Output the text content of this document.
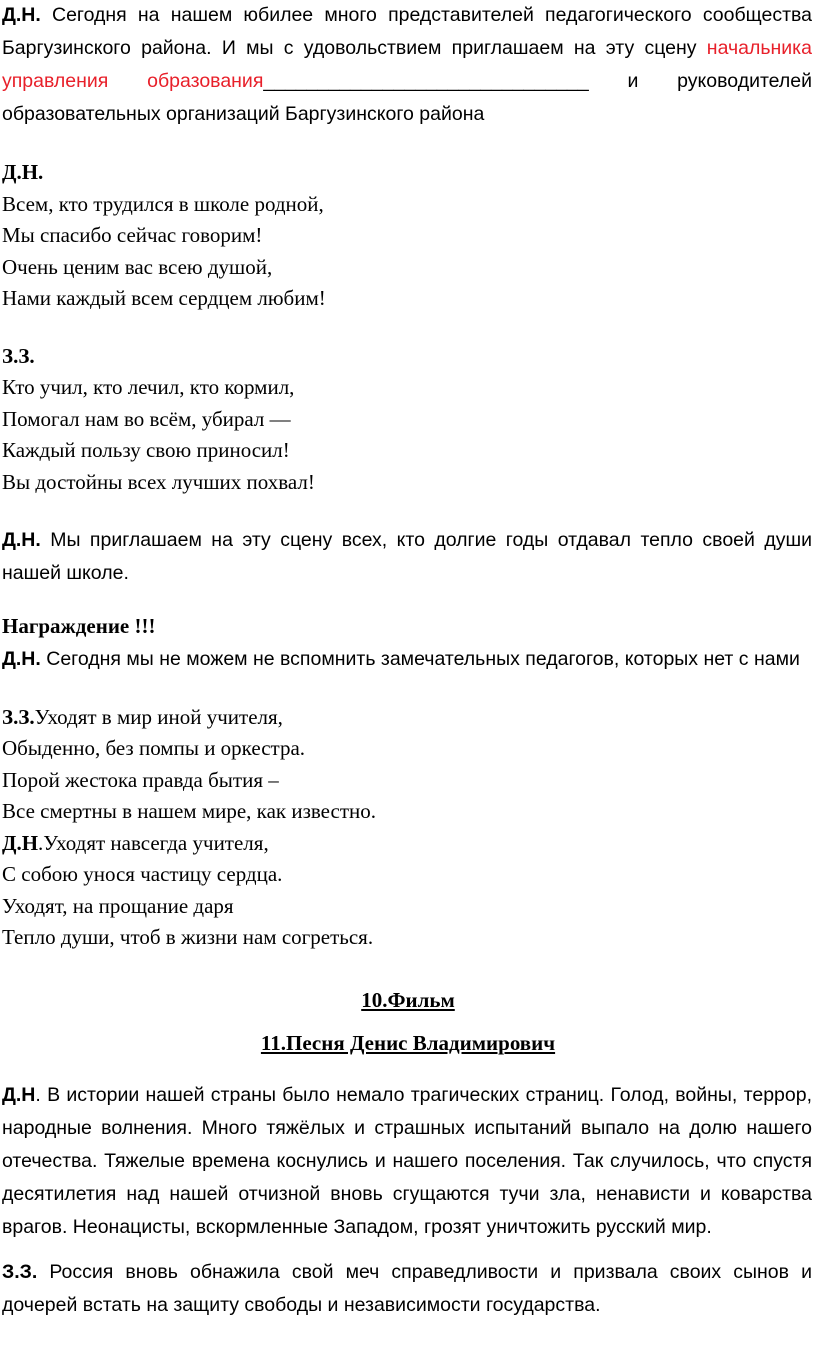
Д.Н. Сегодня на нашем юбилее много представителей педагогического сообщества Баргузинского района. И мы с удовольствием приглашаем на эту сцену начальника управления образования______________________________ и руководителей образовательных организаций Баргузинского района

Д.Н.
Всем, кто трудился в школе родной,
Мы спасибо сейчас говорим!
Очень ценим вас всею душой,
Нами каждый всем сердцем любим!
З.З.
Кто учил, кто лечил, кто кормил,
Помогал нам во всём, убирал —
Каждый пользу свою приносил!
Вы достойны всех лучших похвал!

Д.Н. Мы приглашаем на эту сцену всех, кто долгие годы отдавал тепло своей души нашей школе.

Награждение !!!

Д.Н. Сегодня мы не можем не вспомнить замечательных педагогов, которых нет с нами

З.З.Уходят в мир иной учителя,
Обыденно, без помпы и оркестра.
Порой жестока правда бытия –
Все смертны в нашем мире, как известно.
Д.Н.Уходят навсегда учителя,
С собою унося частицу сердца.
Уходят, на прощание даря
Тепло души, чтоб в жизни нам согреться.
10.Фильм
11.Песня Денис Владимирович

Д.Н. В истории нашей страны было немало трагических страниц. Голод, войны, террор, народные волнения. Много тяжёлых и страшных испытаний выпало на долю нашего отечества. Тяжелые времена коснулись и нашего поселения. Так случилось, что спустя десятилетия над нашей отчизной вновь сгущаются тучи зла, ненависти и коварства врагов. Неонацисты, вскормленные Западом, грозят уничтожить русский мир.

З.З. Россия вновь обнажила свой меч справедливости и призвала своих сынов и дочерей встать на защиту свободы и независимости государства.
